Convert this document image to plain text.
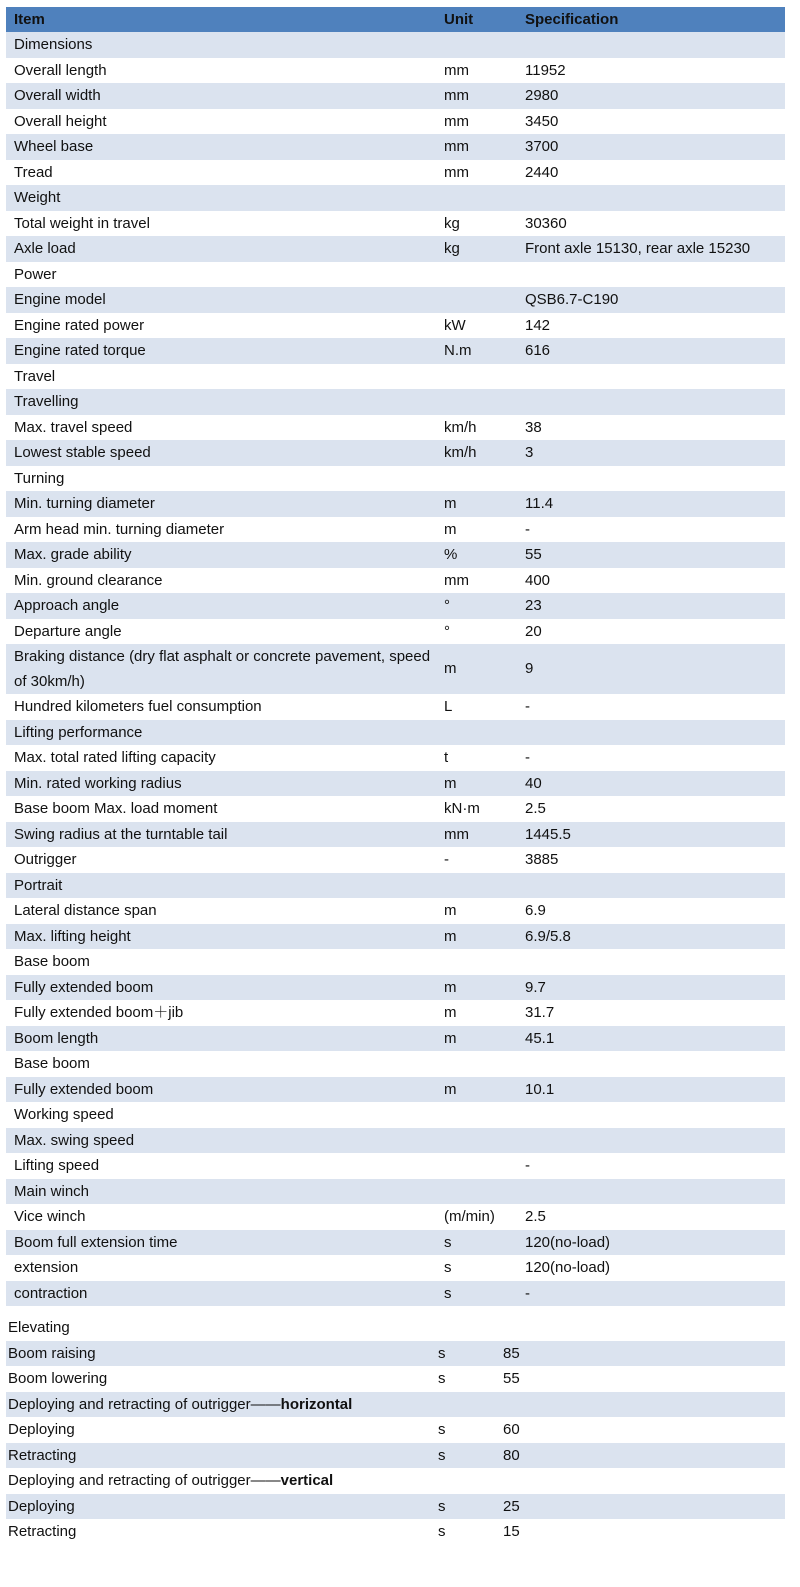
Item	Unit	Specification
Dimensions		
Overall length	mm	11952
Overall width	mm	2980
Overall height	mm	3450
Wheel base	mm	3700
Tread	mm	2440
Weight		
Total weight in travel	kg	30360
Axle load	kg	Front axle 15130, rear axle 15230
Power		
Engine model		QSB6.7-C190
Engine rated power	kW	142
Engine rated torque	N.m	616
Travel		
Travelling		
Max. travel speed	km/h	38
Lowest stable speed	km/h	3
Turning		
Min. turning diameter	m	11.4
Arm head min. turning diameter	m	-
Max. grade ability	%	55
Min. ground clearance	mm	400
Approach angle	°	23
Departure angle	°	20
Braking distance (dry flat asphalt or concrete pavement, speed of 30km/h)	m	9
Hundred kilometers fuel consumption	L	-
Lifting performance		
Max. total rated lifting capacity	t	-
Min. rated working radius	m	40
Base boom Max. load moment	kN·m	2.5
Swing radius at the turntable tail	mm	1445.5
Outrigger	-	3885
Portrait		
Lateral distance span	m	6.9
Max. lifting height	m	6.9/5.8
Base boom		
Fully extended boom	m	9.7
Fully extended boom＋jib	m	31.7
Boom length	m	45.1
Base boom		
Fully extended boom	m	10.1
Working speed		
Max. swing speed		
Lifting speed		-
Main winch		
Vice winch	(m/min)	2.5
Boom full extension time	s	120(no-load)
extension	s	120(no-load)
contraction	s	-
Elevating		
Boom raising	s	85
Boom lowering	s	55
Deploying and retracting of outrigger——horizontal		
Deploying	s	60
Retracting	s	80
Deploying and retracting of outrigger——vertical		
Deploying	s	25
Retracting	s	15
